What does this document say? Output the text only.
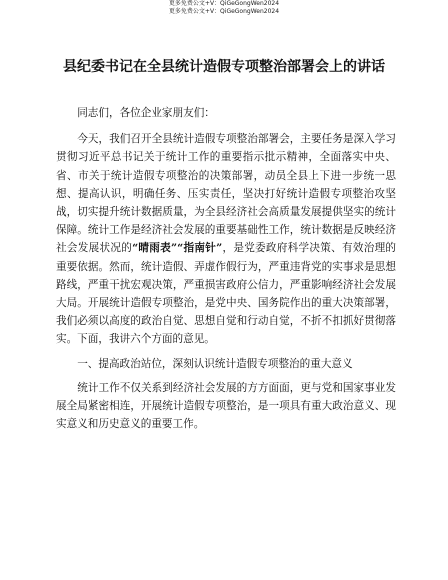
更多免费公文+V：QiGeGongWen2024
更多免费公文+V：QiGeGongWen2024
县纪委书记在全县统计造假专项整治部署会上的讲话

同志们，各位企业家朋友们：

今天，我们召开全县统计造假专项整治部署会，主要任务是深入学习贯彻习近平总书记关于统计工作的重要指示批示精神，全面落实中央、省、市关于统计造假专项整治的决策部署，动员全县上下进一步统一思想、提高认识，明确任务、压实责任，坚决打好统计造假专项整治攻坚战，切实提升统计数据质量，为全县经济社会高质量发展提供坚实的统计保障。统计工作是经济社会发展的重要基础性工作，统计数据是反映经济社会发展状况的“晴雨表”“指南针”，是党委政府科学决策、有效治理的重要依据。然而，统计造假、弄虚作假行为，严重违背党的实事求是思想路线，严重干扰宏观决策，严重损害政府公信力，严重影响经济社会发展大局。开展统计造假专项整治，是党中央、国务院作出的重大决策部署，我们必须以高度的政治自觉、思想自觉和行动自觉，不折不扣抓好贯彻落实。下面，我讲六个方面的意见。

一、提高政治站位，深刻认识统计造假专项整治的重大意义

统计工作不仅关系到经济社会发展的方方面面，更与党和国家事业发展全局紧密相连，开展统计造假专项整治，是一项具有重大政治意义、现实意义和历史意义的重要工作。
